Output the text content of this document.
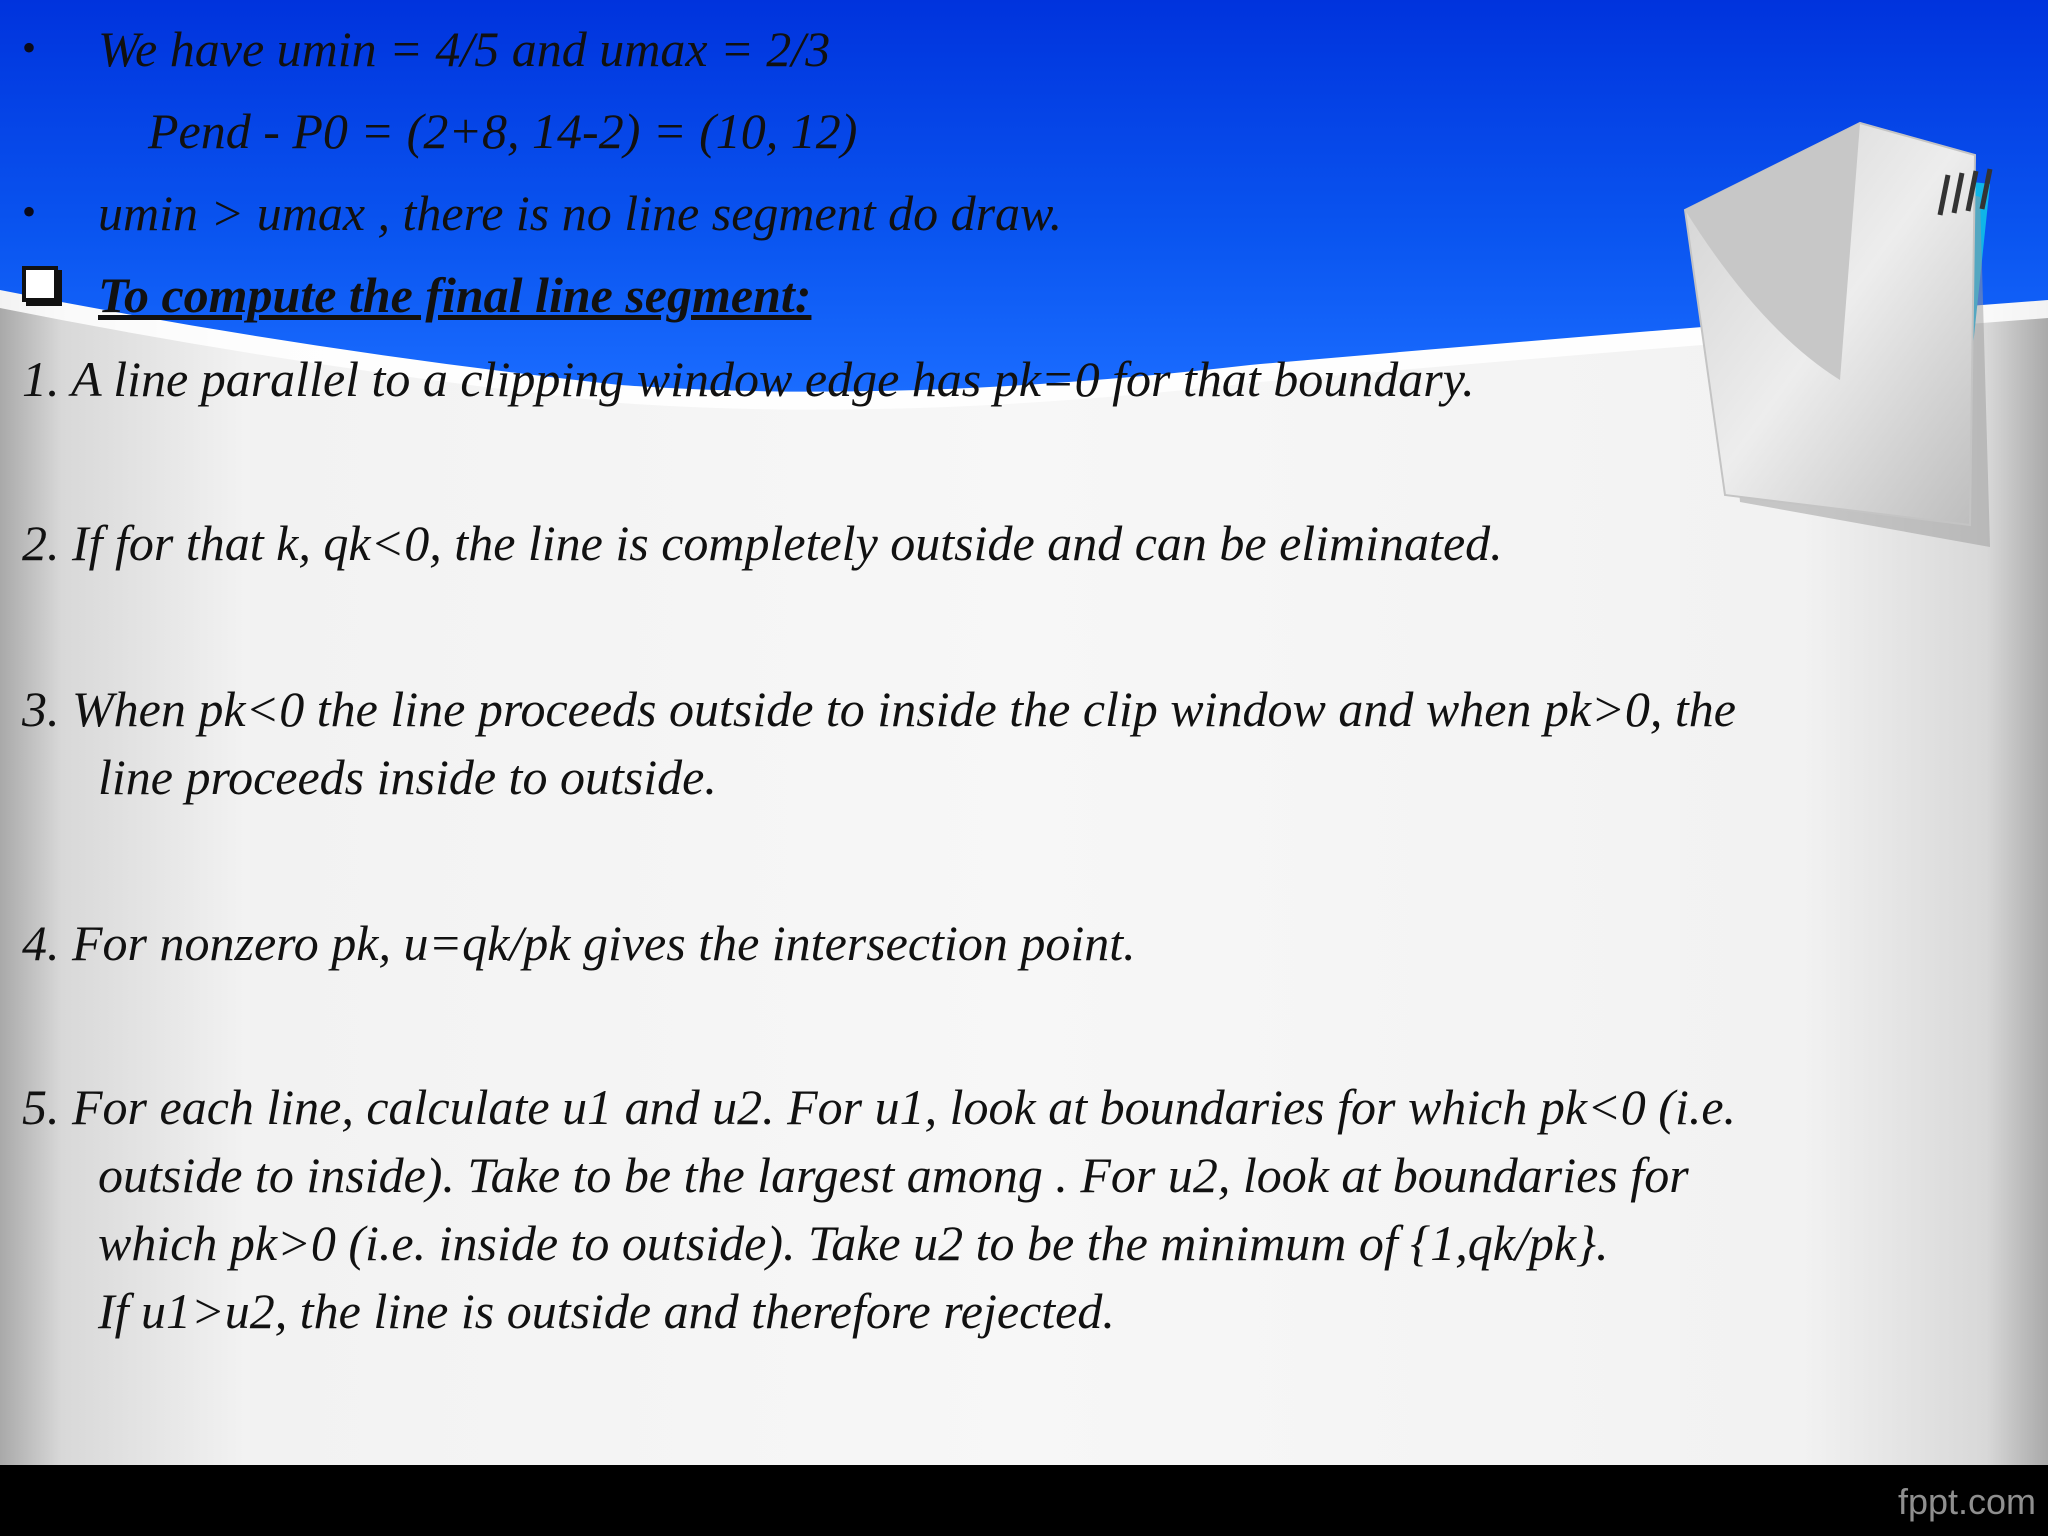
• We have umin = 4/5 and umax = 2/3
Pend - P0 = (2+8, 14-2) = (10, 12)
• umin > umax , there is no line segment do draw.
To compute the final line segment:
1. A line parallel to a clipping window edge has pk=0 for that boundary.
2. If for that k, qk<0, the line is completely outside and can be eliminated.
3. When pk<0 the line proceeds outside to inside the clip window and when pk>0, the
line proceeds inside to outside.
4. For nonzero pk, u=qk/pk gives the intersection point.
5. For each line, calculate u1 and u2. For u1, look at boundaries for which pk<0 (i.e.
outside to inside). Take to be the largest among . For u2, look at boundaries for
which pk>0 (i.e. inside to outside). Take u2 to be the minimum of {1,qk/pk}.
If u1>u2, the line is outside and therefore rejected.
fppt.com
